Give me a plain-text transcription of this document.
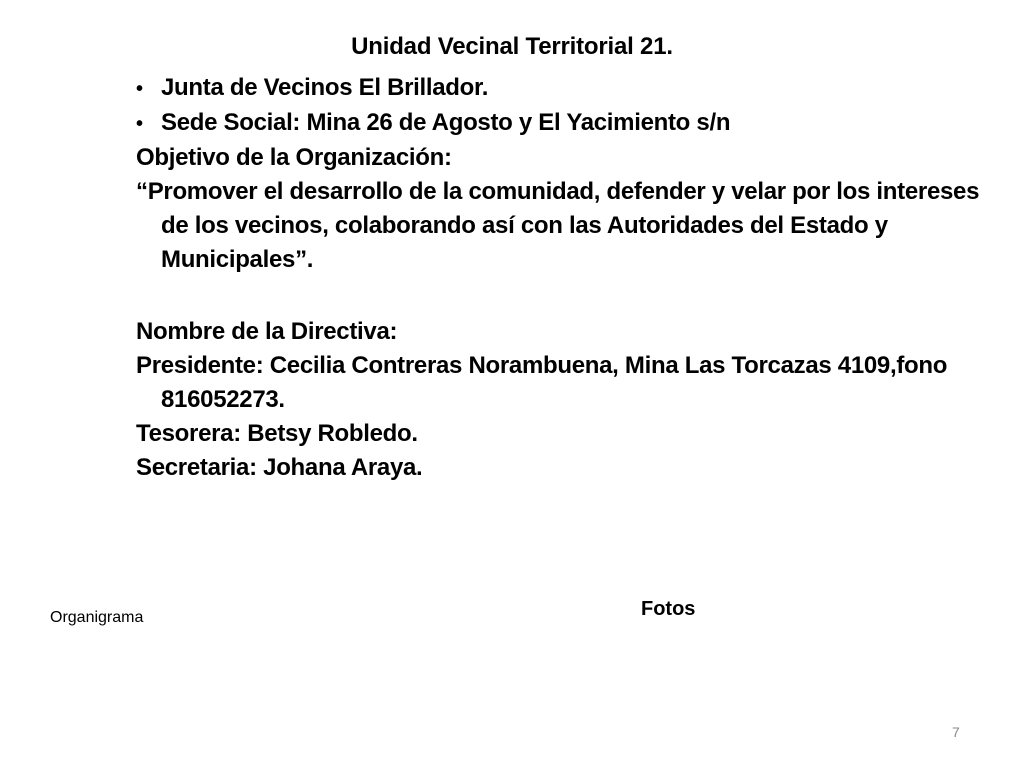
Unidad Vecinal Territorial 21.
• Junta de Vecinos El Brillador.
• Sede Social: Mina 26 de Agosto y El Yacimiento s/n
Objetivo de la Organización:
“Promover el desarrollo de la comunidad, defender y velar por los intereses de los vecinos, colaborando así con las Autoridades del Estado y Municipales”.
Nombre de la Directiva:
Presidente: Cecilia Contreras Norambuena, Mina Las Torcazas 4109,fono 816052273.
Tesorera: Betsy Robledo.
Secretaria: Johana Araya.
Organigrama	Fotos
7
